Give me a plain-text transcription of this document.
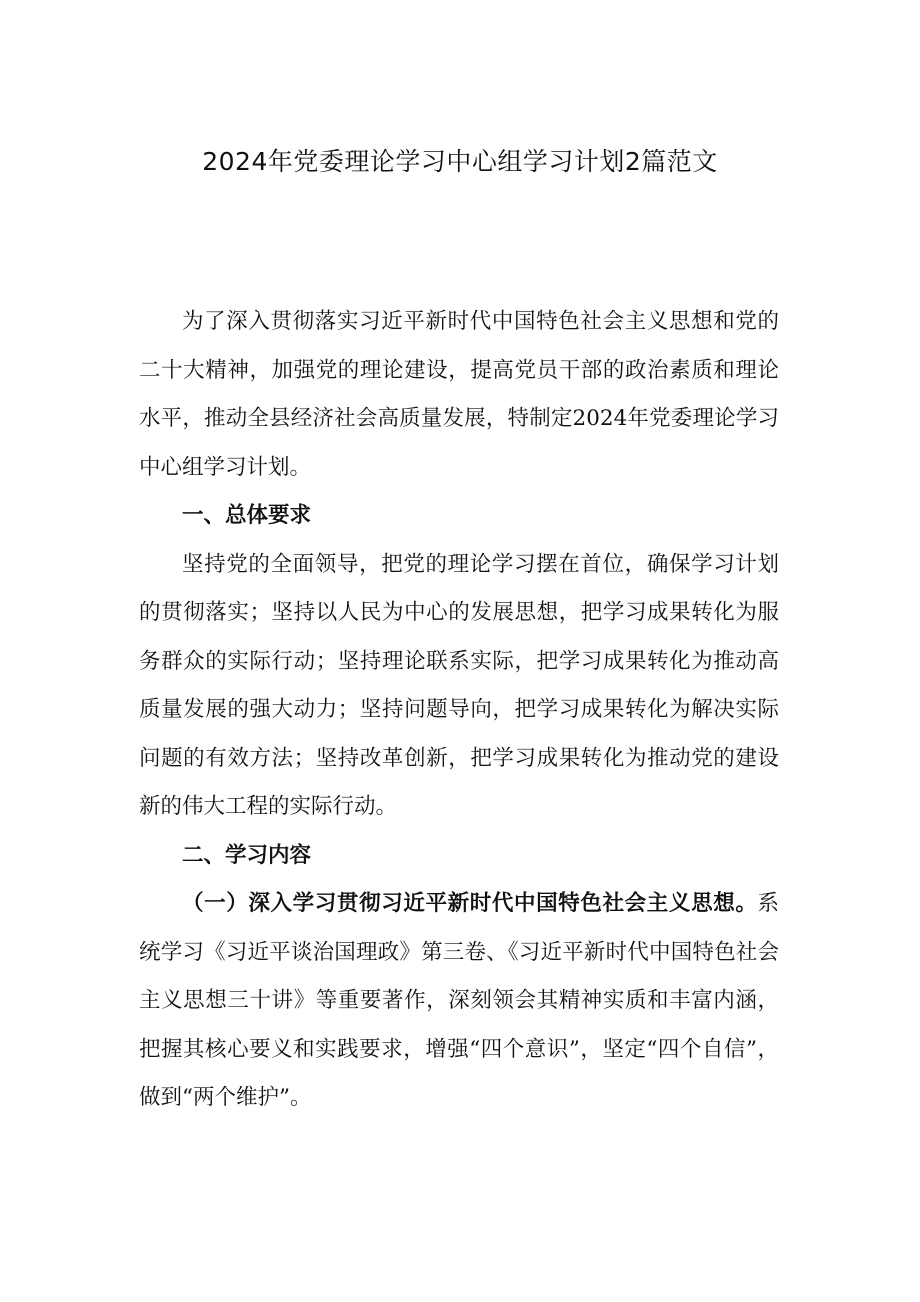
2024年党委理论学习中心组学习计划2篇范文

为了深入贯彻落实习近平新时代中国特色社会主义思想和党的二十大精神，加强党的理论建设，提高党员干部的政治素质和理论水平，推动全县经济社会高质量发展，特制定2024年党委理论学习中心组学习计划。

一、总体要求

坚持党的全面领导，把党的理论学习摆在首位，确保学习计划的贯彻落实；坚持以人民为中心的发展思想，把学习成果转化为服务群众的实际行动；坚持理论联系实际，把学习成果转化为推动高质量发展的强大动力；坚持问题导向，把学习成果转化为解决实际问题的有效方法；坚持改革创新，把学习成果转化为推动党的建设新的伟大工程的实际行动。

二、学习内容

（一）深入学习贯彻习近平新时代中国特色社会主义思想。系统学习《习近平谈治国理政》第三卷、《习近平新时代中国特色社会主义思想三十讲》等重要著作，深刻领会其精神实质和丰富内涵，把握其核心要义和实践要求，增强“四个意识”，坚定“四个自信”，做到“两个维护”。
